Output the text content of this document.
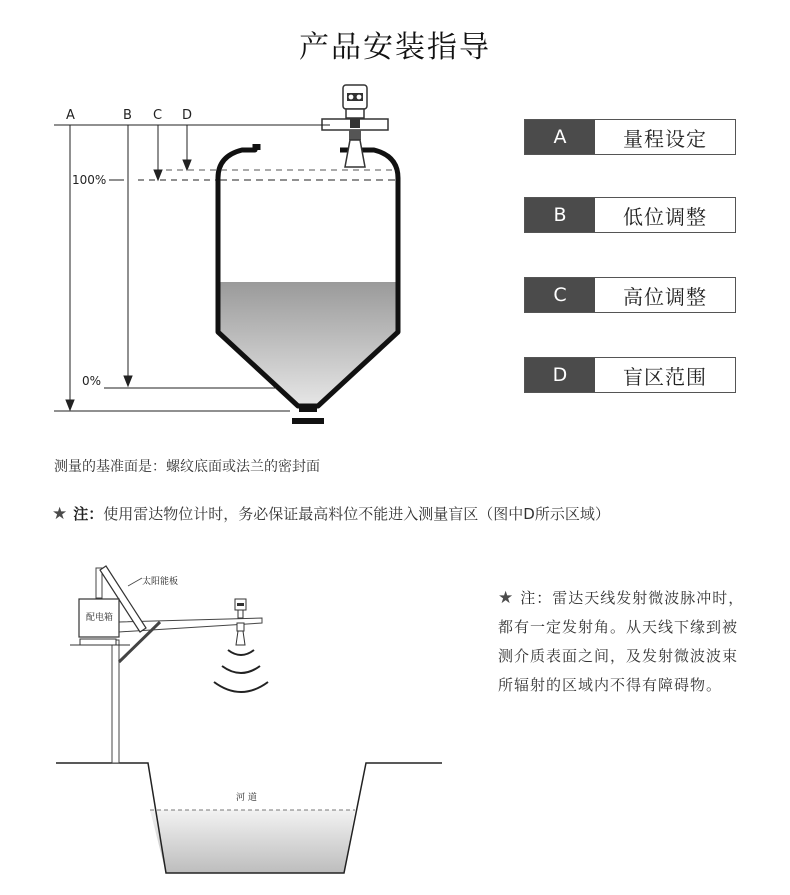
产品安装指导
A	B C D
100%
0%
太阳能板
配电箱
河 道
A	量程设定
B	低位调整
C	高位调整
D	盲区范围
测量的基准面是：螺纹底面或法兰的密封面
★ 注：使用雷达物位计时，务必保证最高料位不能进入测量盲区（图中D所示区域）
★ 注：雷达天线发射微波脉冲时，都有一定发射角。从天线下缘到被测介质表面之间，及发射微波波束所辐射的区域内不得有障碍物。
